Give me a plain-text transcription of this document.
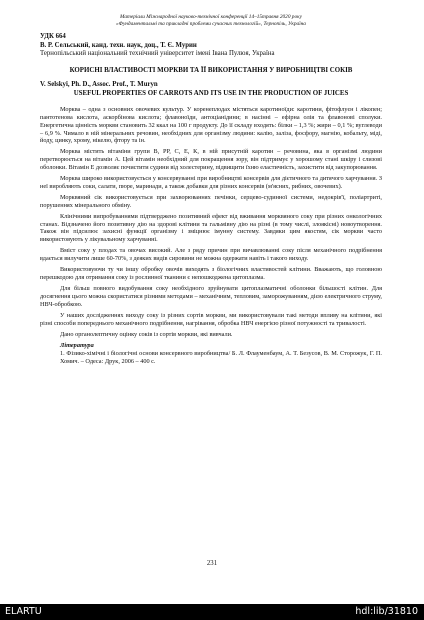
Матеріали Міжнародної науково-технічної конференції 14–15травня 2020 року
«Фундаментальні та прикладні проблеми сучасних технологій», Тернопіль, Україна
УДК 664
В. Р. Сельський, канд. техн. наук, доц., Т. Є. Мурин
Тернопільський національний технічний університет імені Івана Пулюя, Україна
КОРИСНІ ВЛАСТИВОСТІ МОРКВИ ТА ЇЇ ВИКОРИСТАННЯ У ВИРОБНИЦТВІ СОКІВ
V. Selskyi, Ph. D., Assoc. Prof., T. Muryn
USEFUL PROPERTIES OF CARROTS AND ITS USE IN THE PRODUCTION OF JUICES

Морква – одна з основних овочевих культур. У коренеплодах містяться каротиноїди: каротини, фітофлуєн і лікопен; пантотенова кислота, аскорбінова кислота; флавоноїди, антоціанідини; в насінні – ефірна олія та флавонові сполуки. Енергетична цінність моркви становить 32 ккал на 100 г продукту. До її складу входять: білки – 1,3 %; жири – 0,1 %; вуглеводи – 6,9 %. Чимало в ній мінеральних речовин, необхідних для організму людини: калію, заліза, фосфору, магнію, кобальту, міді, йоду, цинку, хрому, нікелю, фтору та ін.

Морква містить вітаміни групи В, РР, С, Е, К, в ній присутній каротин – речовина, яка в організмі людини перетворюється на вітамін А. Цей вітамін необхідний для покращення зору, він підтримує у хорошому стані шкіру і слизові оболонки. Вітамін Е дозволяє почистити судини від холестерину, підвищити їхню еластичність, захистити від закупорювання.

Морква широко використовується у консервуванні при виробництві консервів для дієтичного та дитячого харчування. З неї виробляють соки, салати, пюре, маринади, а також добавки для різних консервів (м'ясних, рибних, овочевих).

Морквяний сік використовується при захворюваннях печінки, серцево-судинної системи, недокрів'ї, поліартриті, порушеннях мінерального обміну.

Клінічними випробуваннями підтверджено позитивний ефект від вживання морквяного соку при різних онкологічних станах. Відзначено його позитивну дію на здорові клітини та гальмівну дію на різні (в тому числі, злоякісні) новоутворення. Також він підсилює захисні функції організму і зміцнює імунну систему. Завдяки цим якостям, сік моркви часто використовують у лікувальному харчуванні.

Вміст соку у плодах та овочах високий. Але з ряду причин при вичавлюванні соку після механічного подрібнення вдається вилучити лише 60-70%, з деяких видів сировини не можна одержати навіть і такого виходу.

Використовуючи ту чи іншу обробку овочів виходять з біологічних властивостей клітини. Вважають, що головною перешкодою для отримання соку із рослинної тканини є непошкоджена цитоплазма.

Для більш повного видобування соку необхідного зруйнувати цитоплазматичні оболонки більшості клітин. Для досягнення цього можна скористатися різними методами – механічним, тепловим, заморожуванням, дією електричного струму, НВЧ-обробкою.

У наших дослідженнях виходу соку із різних сортів моркви, ми використовували такі методи впливу на клітини, які різні способи попереднього механічного подрібнення, нагрівання, обробка НВЧ енергією різної потужності та тривалості.

Дано органолептичну оцінку соків із сортів моркви, які вивчали.

Література
1. Фізико-хімічні і біологічні основи консервного виробництва/ Б. Л. Флауменбаум, А. Т. Безусов, В. М. Сторожук, Г. П. Хомич. – Одеса: Друк, 2006 – 400 с.
231
ELARTU	hdl:lib/31810
